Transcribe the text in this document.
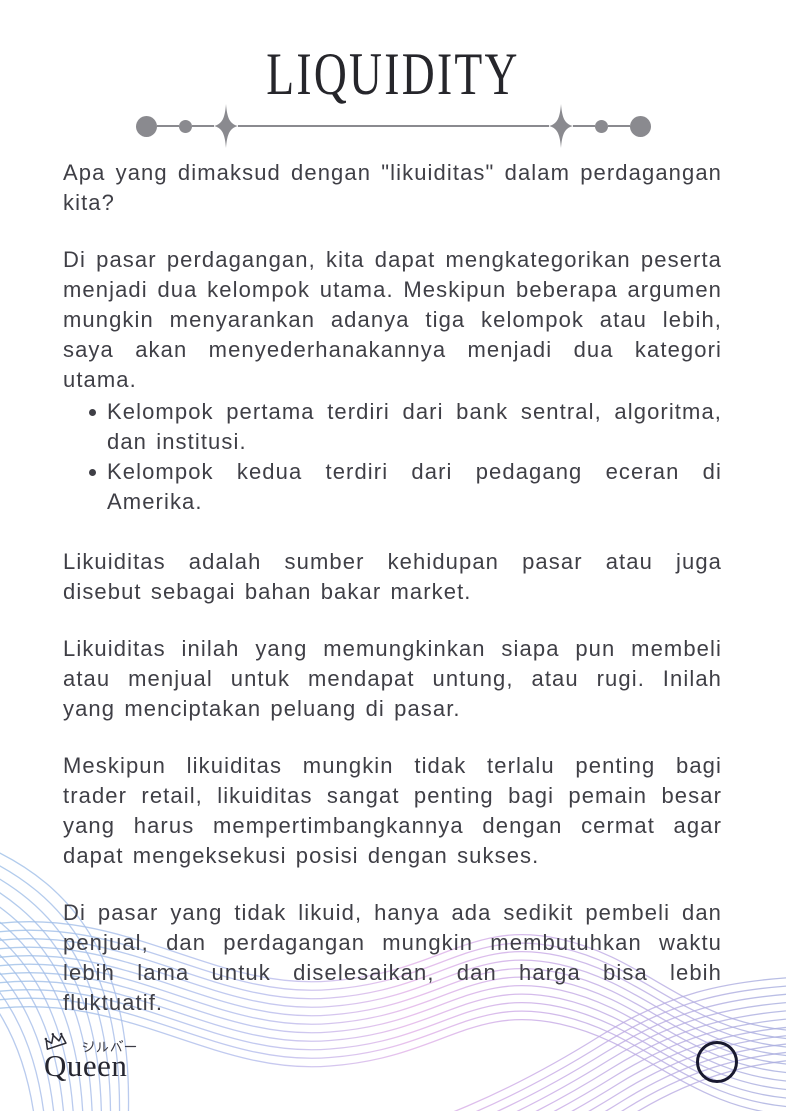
LIQUIDITY

Apa yang dimaksud dengan "likuiditas" dalam perdagangan kita?

Di pasar perdagangan, kita dapat mengkategorikan peserta menjadi dua kelompok utama. Meskipun beberapa argumen mungkin menyarankan adanya tiga kelompok atau lebih, saya akan menyederhanakannya menjadi dua kategori utama.

Kelompok pertama terdiri dari bank sentral, algoritma, dan institusi.
Kelompok kedua terdiri dari pedagang eceran di Amerika.

Likuiditas adalah sumber kehidupan pasar atau juga disebut sebagai bahan bakar market.

Likuiditas inilah yang memungkinkan siapa pun membeli atau menjual untuk mendapat untung, atau rugi. Inilah yang menciptakan peluang di pasar.

Meskipun likuiditas mungkin tidak terlalu penting bagi trader retail, likuiditas sangat penting bagi pemain besar yang harus mempertimbangkannya dengan cermat agar dapat mengeksekusi posisi dengan sukses.

Di pasar yang tidak likuid, hanya ada sedikit pembeli dan penjual, dan perdagangan mungkin membutuhkan waktu lebih lama untuk diselesaikan, dan harga bisa lebih fluktuatif.

Queen
